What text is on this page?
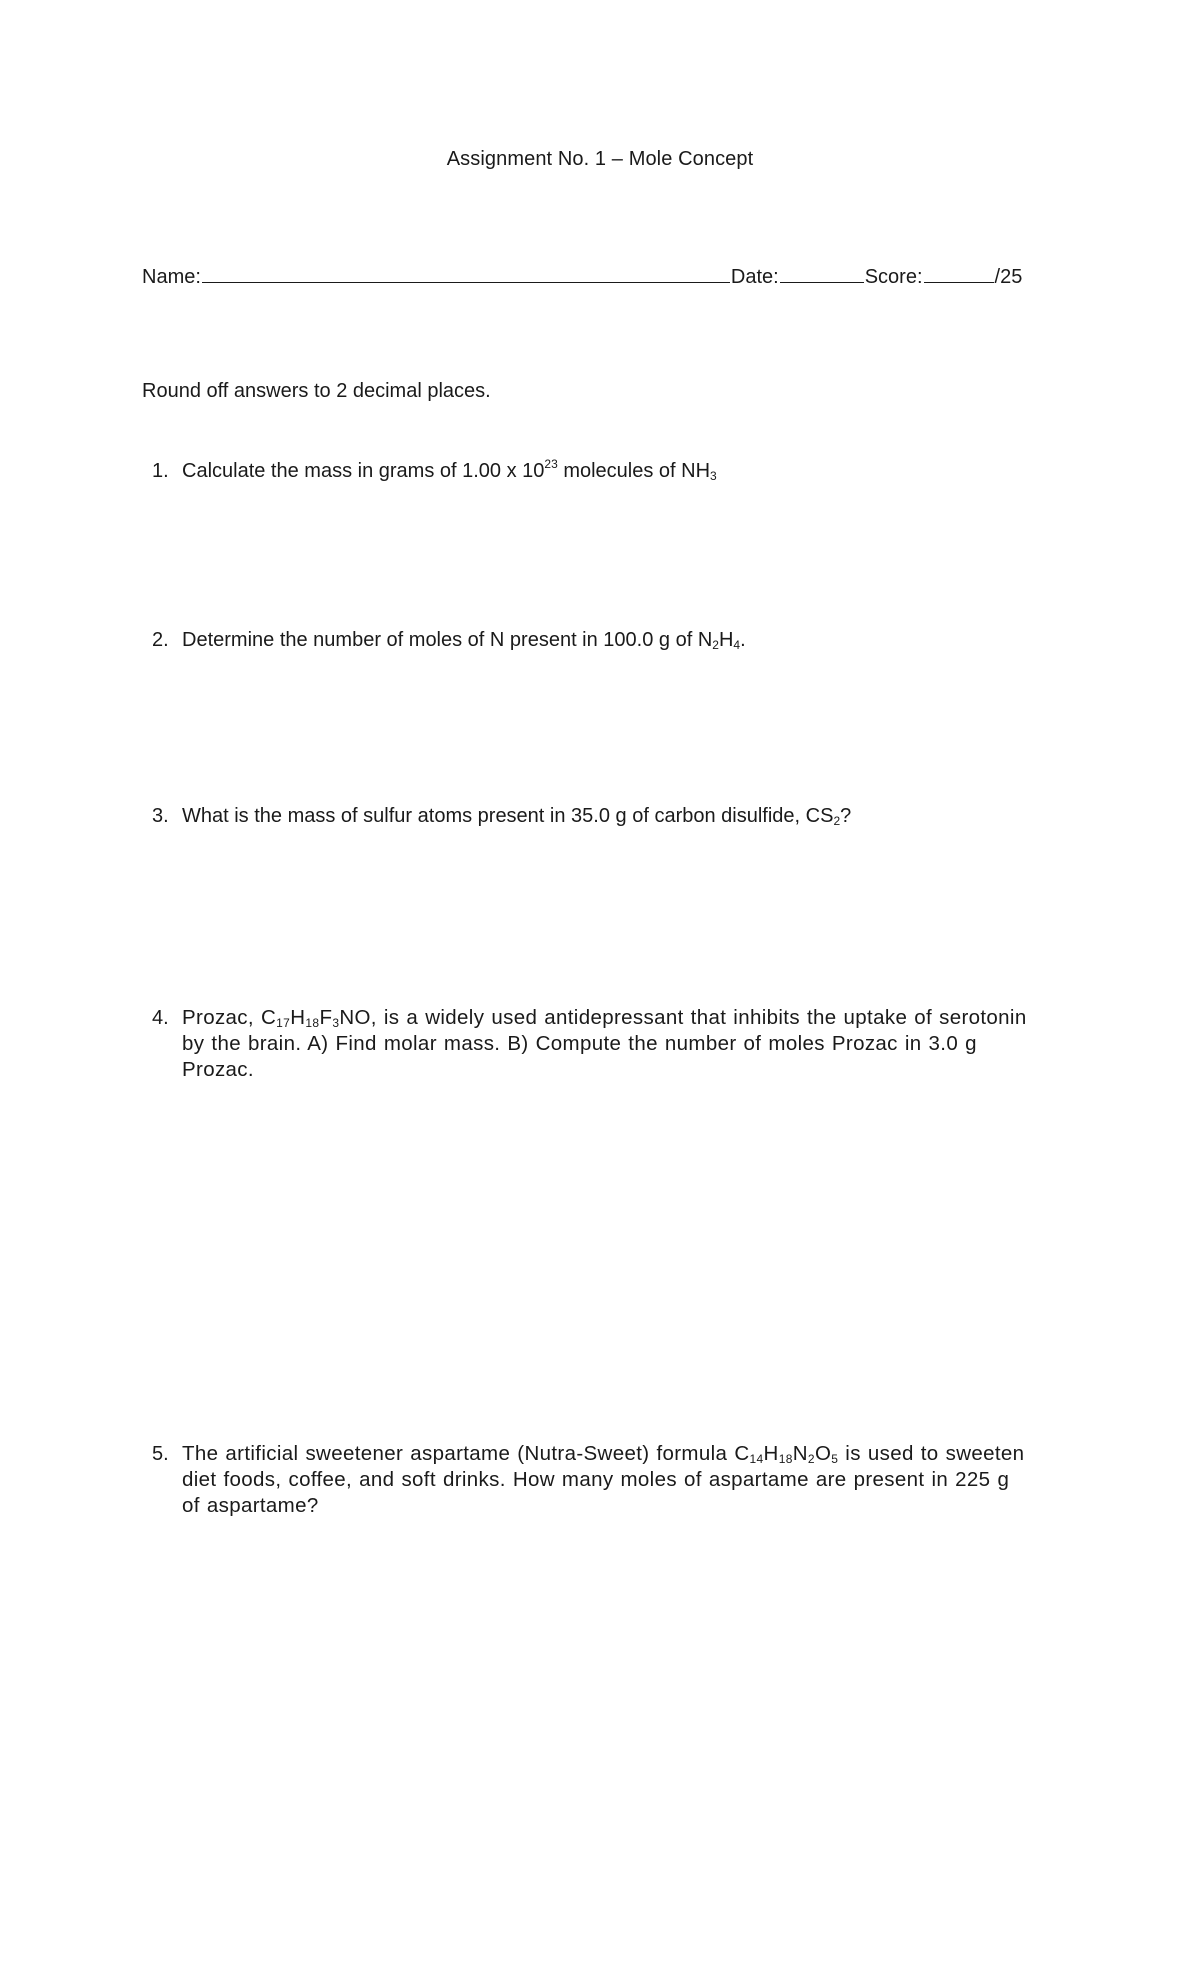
Assignment No. 1 – Mole Concept
Name:	Date:	Score:	/25
Round off answers to 2 decimal places.
1. Calculate the mass in grams of 1.00 x $10^{23}$ molecules of $NH_3$
2. Determine the number of moles of N present in 100.0 g of $N_2H_4$.
3. What is the mass of sulfur atoms present in 35.0 g of carbon disulfide, $CS_2$?
4. Prozac, $C_{17}H_{18}F_3NO$, is a widely used antidepressant that inhibits the uptake of serotonin by the brain. A) Find molar mass. B) Compute the number of moles Prozac in 3.0 g Prozac.
5. The artificial sweetener aspartame (Nutra-Sweet) formula $C_{14}H_{18}N_2O_5$ is used to sweeten diet foods, coffee, and soft drinks. How many moles of aspartame are present in 225 g of aspartame?
